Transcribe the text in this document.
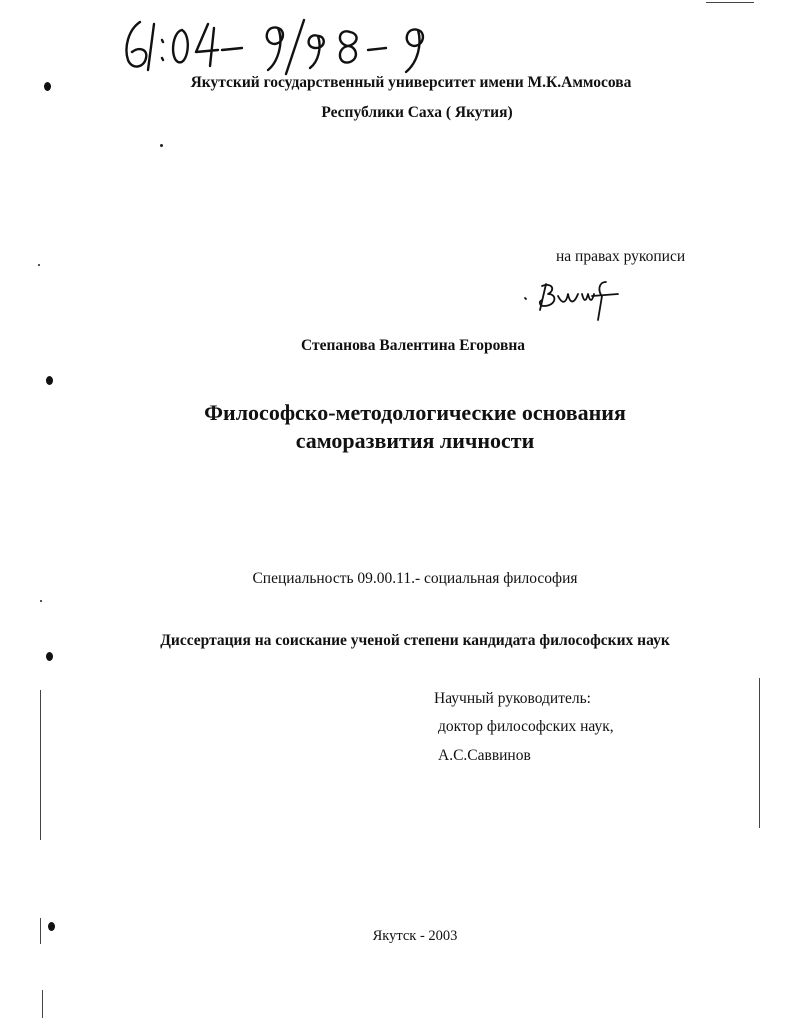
Якутский государственный университет имени М.К.Аммосова
Республики Саха ( Якутия)
на правах рукописи
Степанова Валентина Егоровна
Философско-методологические основания
саморазвития личности
Специальность 09.00.11.- социальная философия
Диссертация на соискание ученой степени кандидата философских наук
Научный руководитель:
доктор философских наук,
А.С.Саввинов
Якутск - 2003
